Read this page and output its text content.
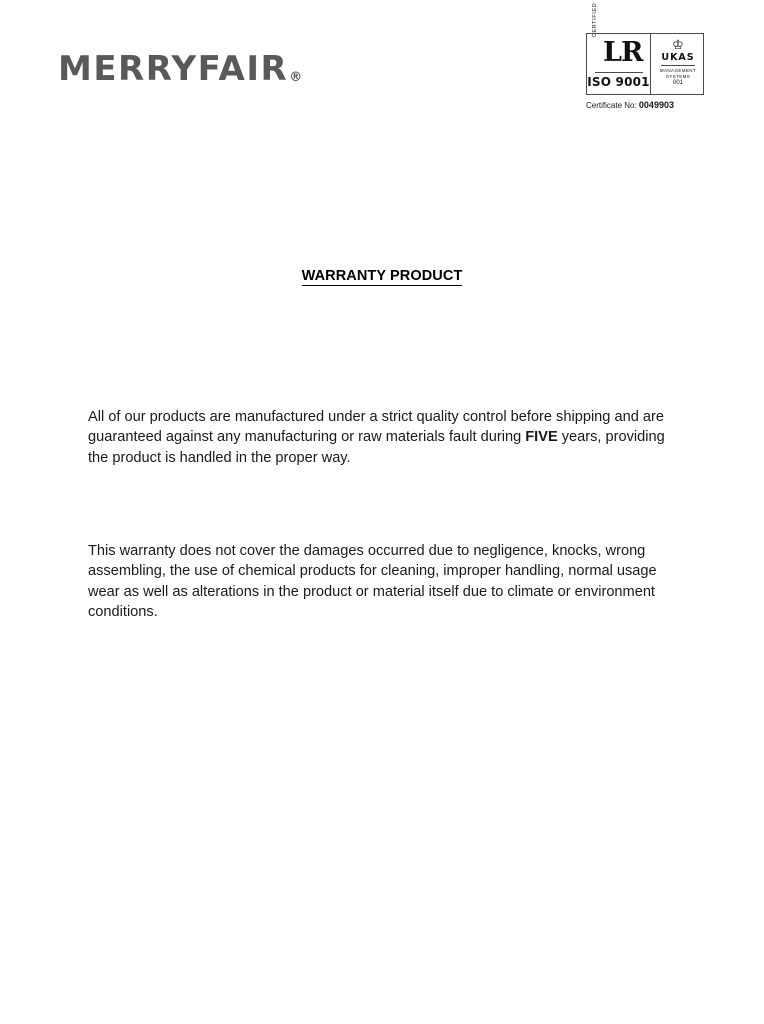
MERRYFAIR®
CERTIFIED
LR
ISO 9001
♔
UKAS
MANAGEMENT
SYSTEMS
001
Certificate No: 0049903
WARRANTY PRODUCT

All of our products are manufactured under a strict quality control before shipping and are guaranteed against any manufacturing or raw materials fault during FIVE years, providing the product is handled in the proper way.

This warranty does not cover the damages occurred due to negligence, knocks, wrong assembling, the use of chemical products for cleaning, improper handling, normal usage wear as well as alterations in the product or material itself due to climate or environment conditions.
